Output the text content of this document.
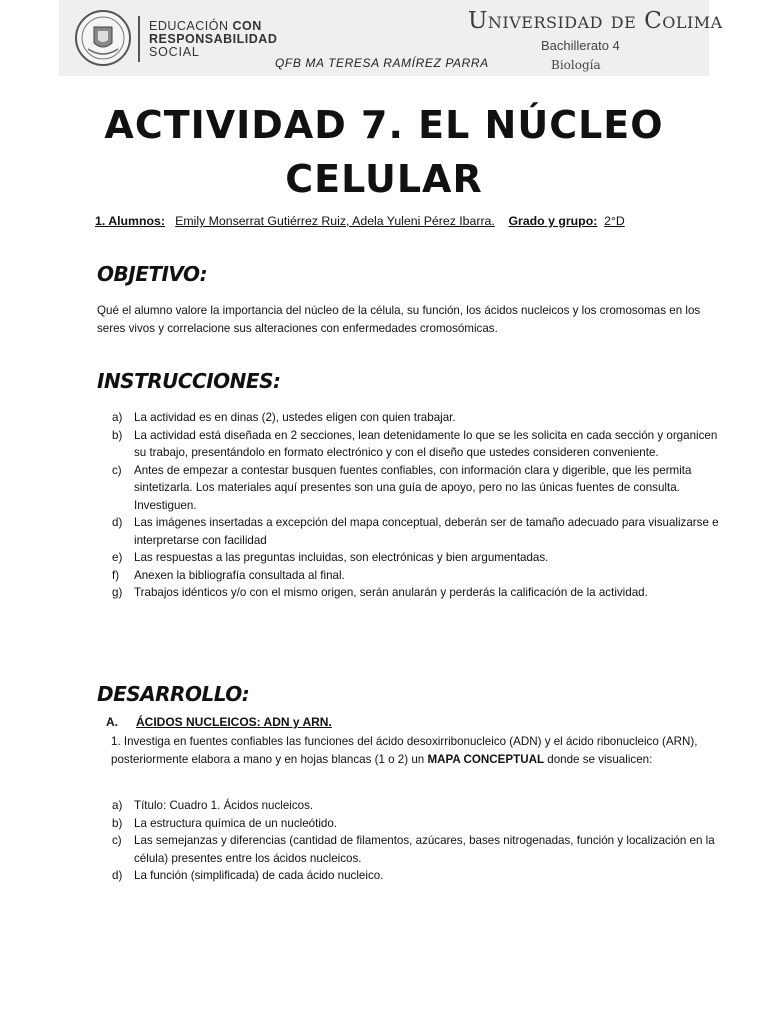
EDUCACIÓN CON
RESPONSABILIDAD
SOCIAL
Universidad de Colima
Bachillerato 4
Biología
QFB MA TERESA RAMÍREZ PARRA
ACTIVIDAD 7. EL NÚCLEO
CELULAR
1. Alumnos: Emily Monserrat Gutiérrez Ruiz, Adela Yuleni Pérez Ibarra. Grado y grupo: 2°D
OBJETIVO:
Qué el alumno valore la importancia del núcleo de la célula, su función, los ácidos nucleicos y los cromosomas en los seres vivos y correlacione sus alteraciones con enfermedades cromosómicas.
INSTRUCCIONES:
a) La actividad es en dinas (2), ustedes eligen con quien trabajar.
b) La actividad está diseñada en 2 secciones, lean detenidamente lo que se les solicita en cada sección y organicen su trabajo, presentándolo en formato electrónico y con el diseño que ustedes consideren conveniente.
c) Antes de empezar a contestar busquen fuentes confiables, con información clara y digerible, que les permita sintetizarla. Los materiales aquí presentes son una guía de apoyo, pero no las únicas fuentes de consulta. Investiguen.
d) Las imágenes insertadas a excepción del mapa conceptual, deberán ser de tamaño adecuado para visualizarse e interpretarse con facilidad
e) Las respuestas a las preguntas incluidas, son electrónicas y bien argumentadas.
f) Anexen la bibliografía consultada al final.
g) Trabajos idénticos y/o con el mismo origen, serán anularán y perderás la calificación de la actividad.
DESARROLLO:
A. ÁCIDOS NUCLEICOS: ADN y ARN.
1. Investiga en fuentes confiables las funciones del ácido desoxirribonucleico (ADN) y el ácido ribonucleico (ARN), posteriormente elabora a mano y en hojas blancas (1 o 2) un MAPA CONCEPTUAL donde se visualicen:
a) Título: Cuadro 1. Ácidos nucleicos.
b) La estructura química de un nucleótido.
c) Las semejanzas y diferencias (cantidad de filamentos, azúcares, bases nitrogenadas, función y localización en la célula) presentes entre los ácidos nucleicos.
d) La función (simplificada) de cada ácido nucleico.
